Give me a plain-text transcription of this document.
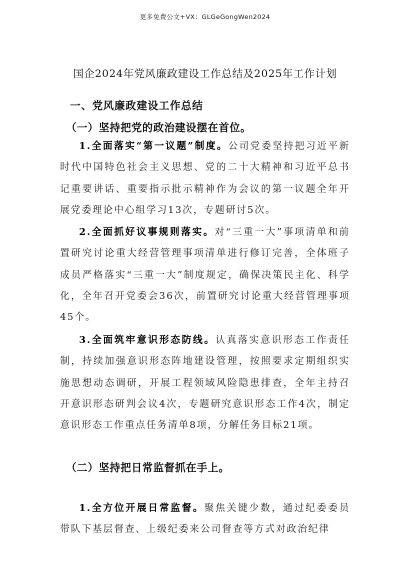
更多免费公文+VX：GLGeGongWen2024
国企2024年党风廉政建设工作总结及2025年工作计划
一、党风廉政建设工作总结
（一）坚持把党的政治建设摆在首位。

1.全面落实“第一议题”制度。公司党委坚持把习近平新时代中国特色社会主义思想、党的二十大精神和习近平总书记重要讲话、重要指示批示精神作为会议的第一议题全年开展党委理论中心组学习13次，专题研讨5次。

2.全面抓好议事规则落实。对“三重一大”事项清单和前置研究讨论重大经营管理事项清单进行修订完善，全体班子成员严格落实“三重一大”制度规定，确保决策民主化、科学化，全年召开党委会36次，前置研究讨论重大经营管理事项45个。

3.全面筑牢意识形态防线。认真落实意识形态工作责任制，持续加强意识形态阵地建设管理，按照要求定期组织实施思想动态调研，开展工程领域风险隐患排查，全年主持召开意识形态研判会议4次，专题研究意识形态工作4次，制定意识形态工作重点任务清单8项，分解任务目标21项。

（二）坚持把日常监督抓在手上。

1.全方位开展日常监督。聚焦关键少数，通过纪委委员带队下基层督查、上级纪委来公司督查等方式对政治纪律
